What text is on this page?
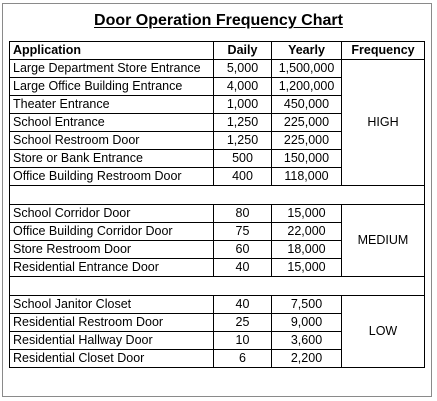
Door Operation Frequency Chart
Application	Daily	Yearly	Frequency
Large Department Store Entrance	5,000	1,500,000	HIGH
Large Office Building Entrance	4,000	1,200,000	
Theater Entrance	1,000	450,000	
School Entrance	1,250	225,000	
School Restroom Door	1,250	225,000	
Store or Bank Entrance	500	150,000	
Office Building Restroom Door	400	118,000	

School Corridor Door	80	15,000	MEDIUM
Office Building Corridor Door	75	22,000	
Store Restroom Door	60	18,000	
Residential Entrance Door	40	15,000	

School Janitor Closet	40	7,500	LOW
Residential Restroom Door	25	9,000	
Residential Hallway Door	10	3,600	
Residential Closet Door	6	2,200	
